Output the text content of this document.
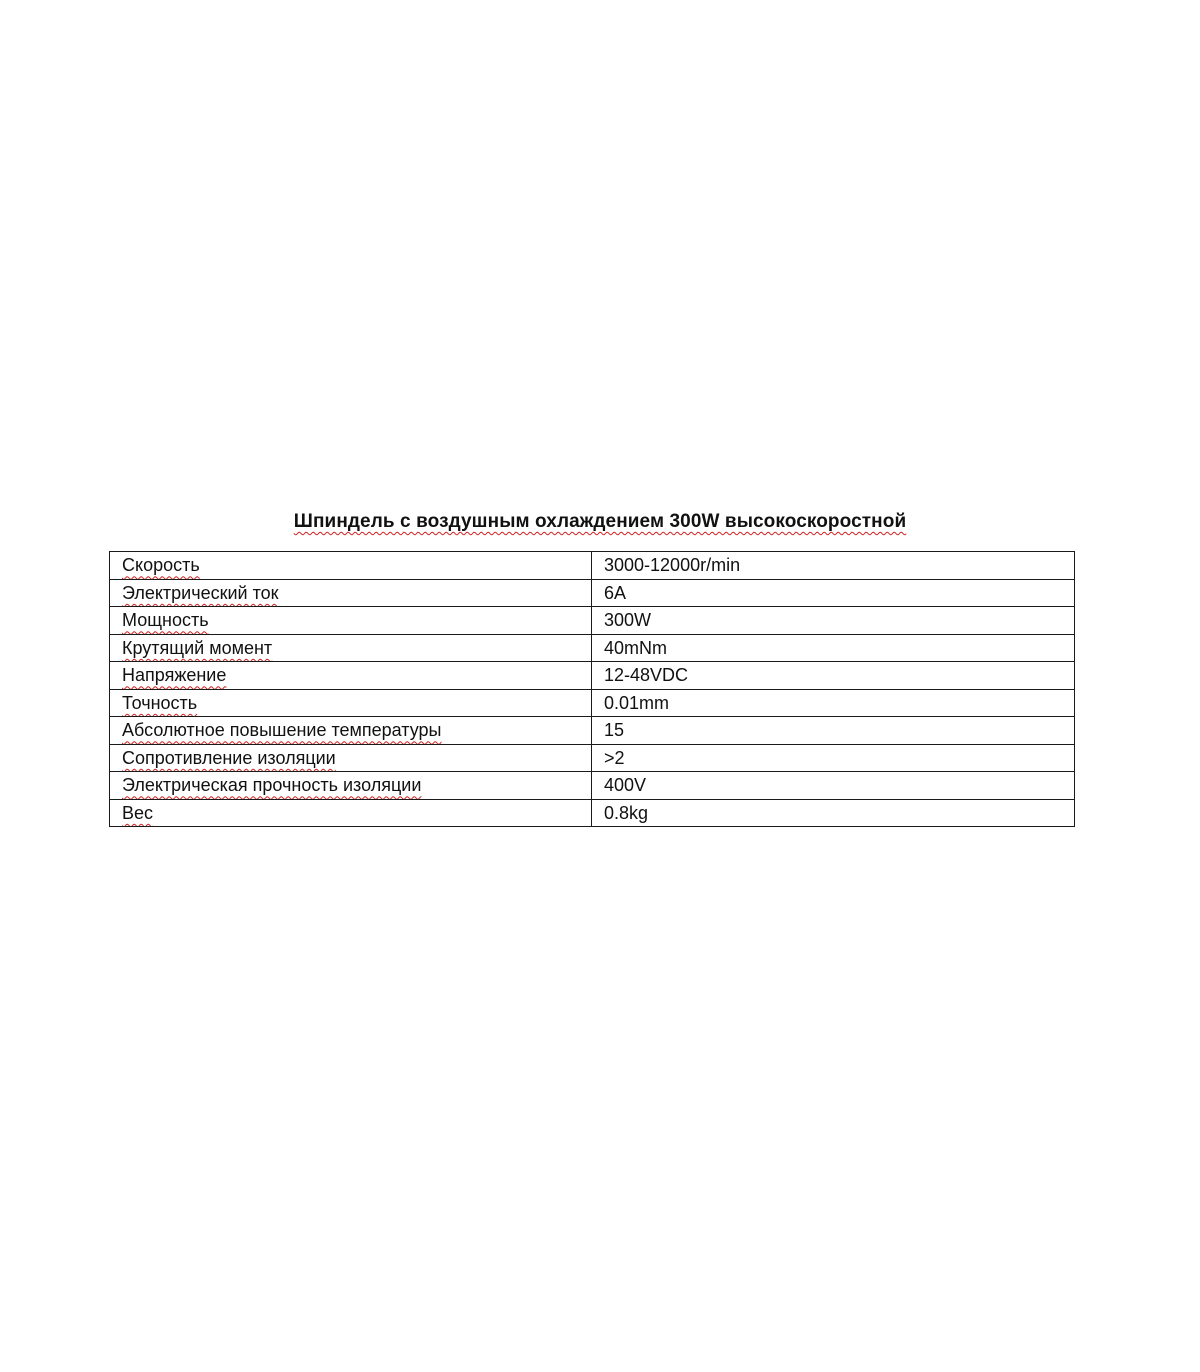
Шпиндель с воздушным охлаждением 300W высокоскоростной
Скорость	3000-12000r/min
Электрический ток	6A
Мощность	300W
Крутящий момент	40mNm
Напряжение	12-48VDC
Точность	0.01mm
Абсолютное повышение температуры	15
Сопротивление изоляции	>2
Электрическая прочность изоляции	400V
Вес	0.8kg
